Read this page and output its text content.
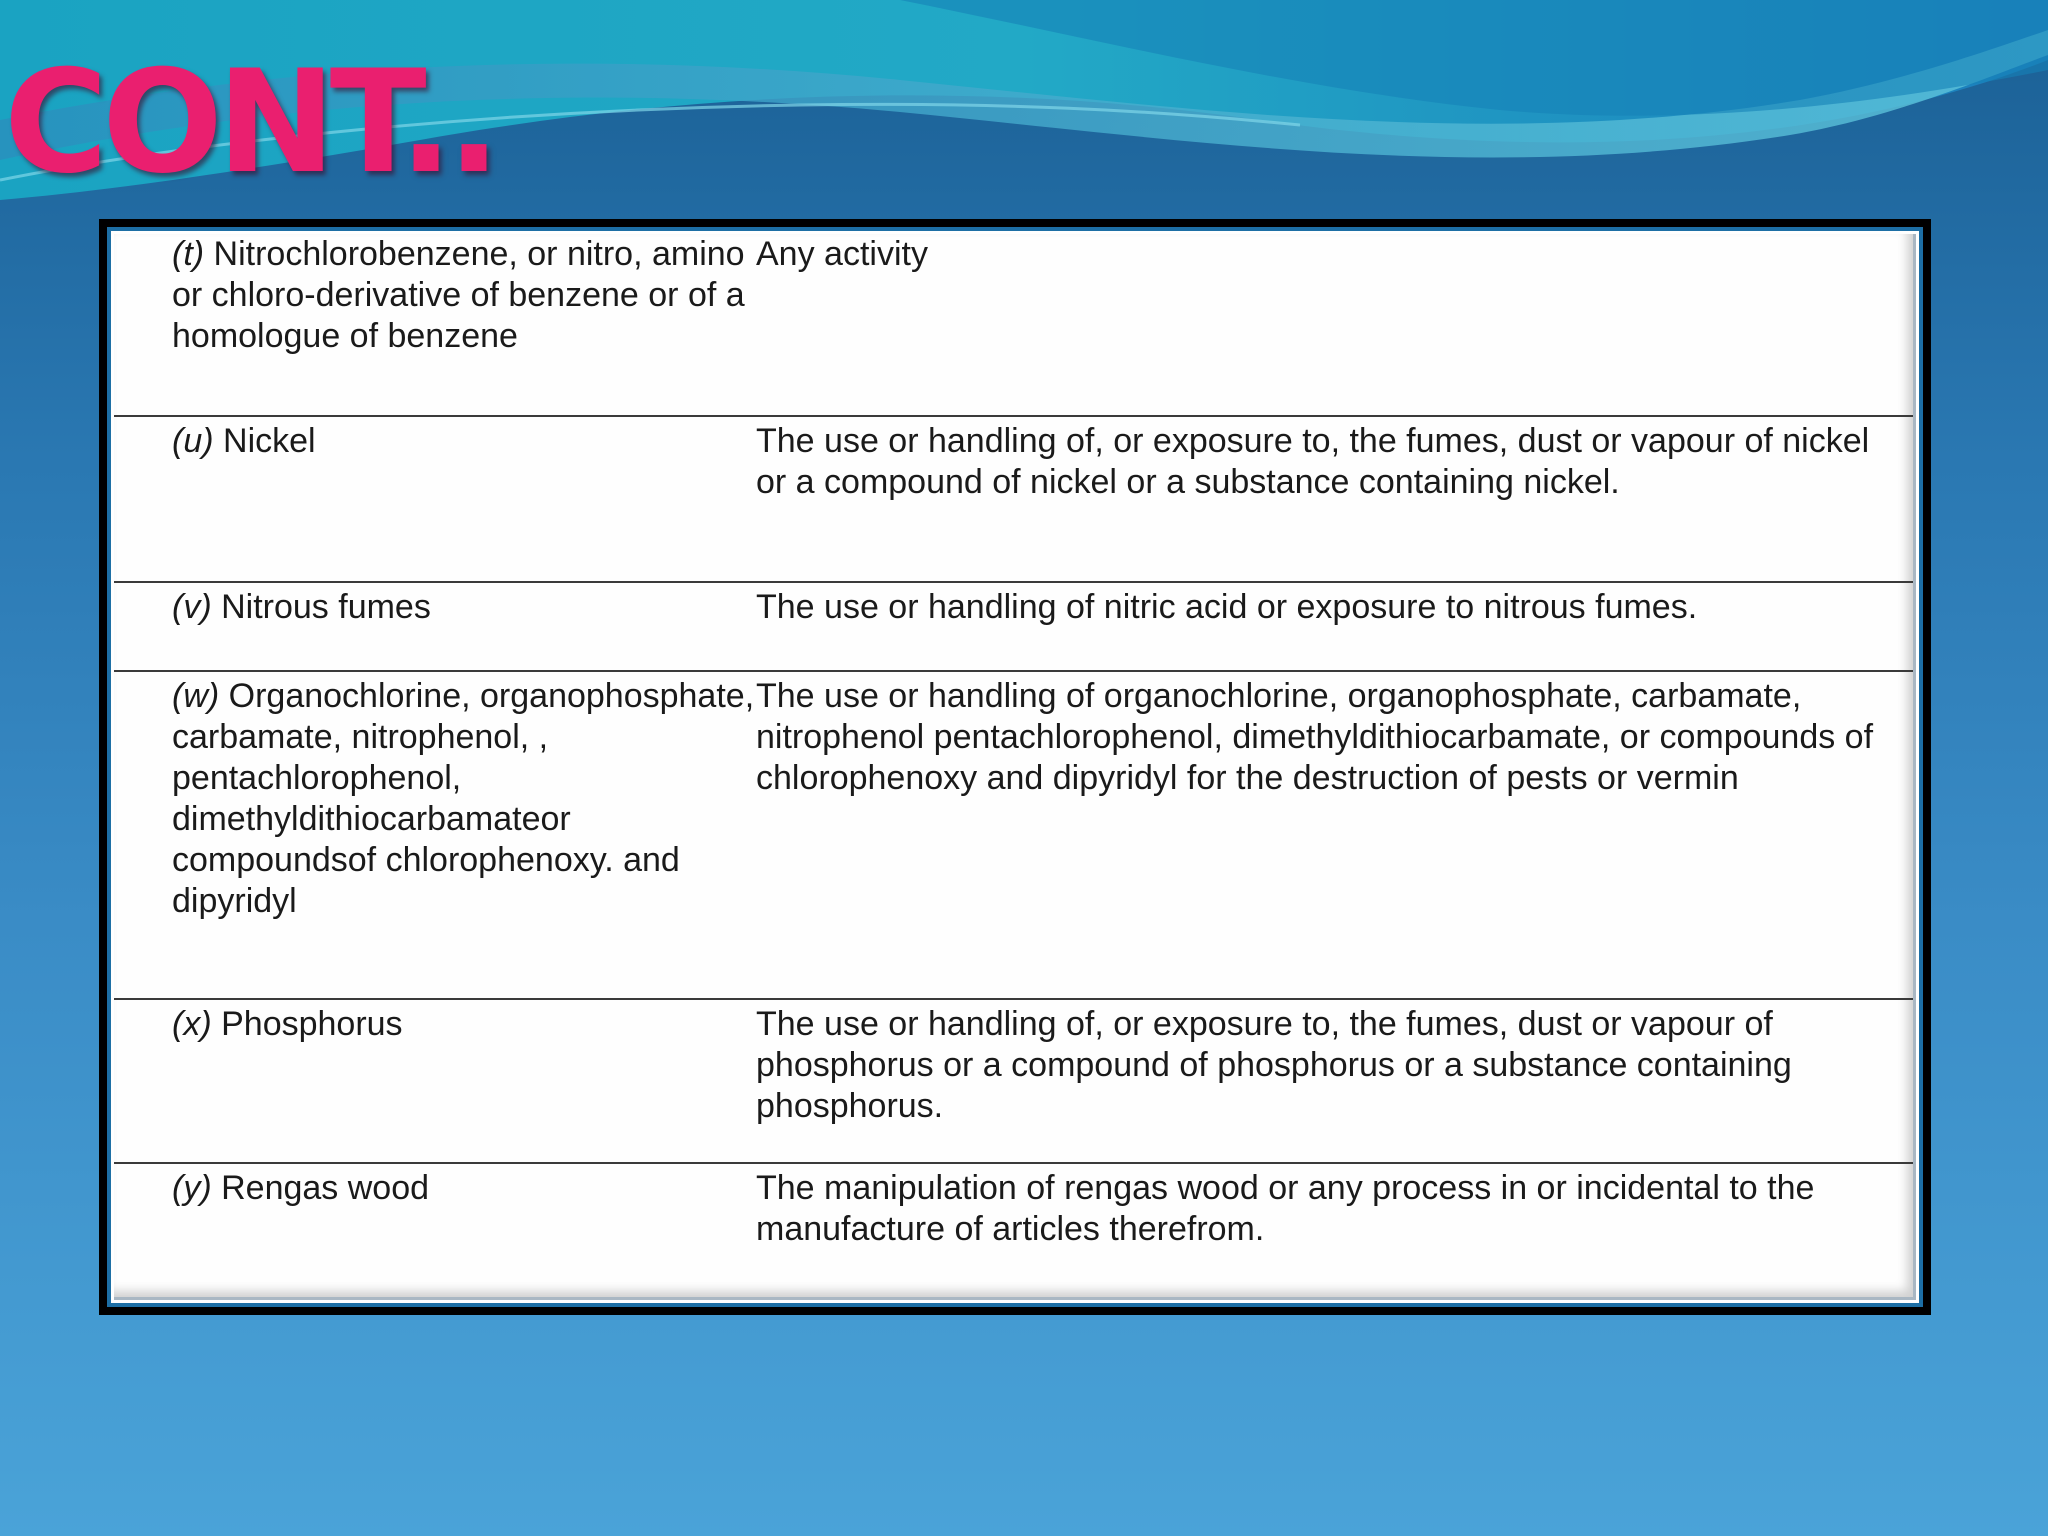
CONT..
(t) Nitrochlorobenzene, or nitro, amino or chloro-derivative of benzene or of a homologue of benzene	Any activity
(u) Nickel	The use or handling of, or exposure to, the fumes, dust or vapour of nickel or a compound of nickel or a substance containing nickel.
(v) Nitrous fumes	The use or handling of nitric acid or exposure to nitrous fumes.
(w) Organochlorine, organophosphate, carbamate, nitrophenol, , pentachlorophenol, dimethyldithiocarbamateor compoundsof chlorophenoxy. and dipyridyl	The use or handling of organochlorine, organophosphate, carbamate, nitrophenol pentachlorophenol, dimethyldithiocarbamate, or compounds of chlorophenoxy and dipyridyl for the destruction of pests or vermin
(x) Phosphorus	The use or handling of, or exposure to, the fumes, dust or vapour of phosphorus or a compound of phosphorus or a substance containing phosphorus.
(y) Rengas wood	The manipulation of rengas wood or any process in or incidental to the manufacture of articles therefrom.
